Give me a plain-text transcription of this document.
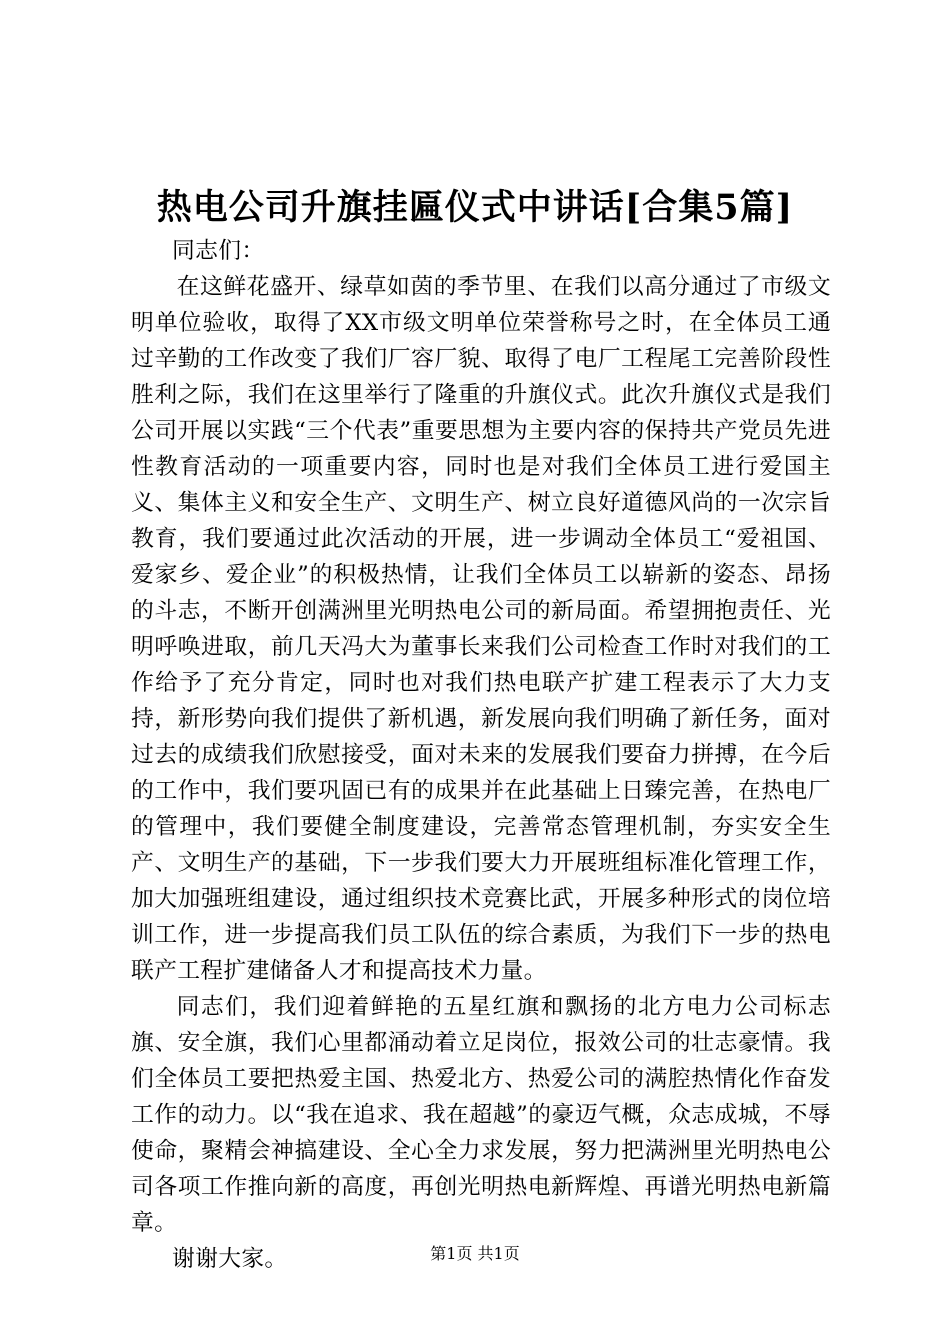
热电公司升旗挂匾仪式中讲话[合集5篇]

同志们：

在这鲜花盛开、绿草如茵的季节里、在我们以高分通过了市级文明单位验收，取得了XX市级文明单位荣誉称号之时，在全体员工通过辛勤的工作改变了我们厂容厂貌、取得了电厂工程尾工完善阶段性胜利之际，我们在这里举行了隆重的升旗仪式。此次升旗仪式是我们公司开展以实践“三个代表”重要思想为主要内容的保持共产党员先进性教育活动的一项重要内容，同时也是对我们全体员工进行爱国主义、集体主义和安全生产、文明生产、树立良好道德风尚的一次宗旨教育，我们要通过此次活动的开展，进一步调动全体员工“爱祖国、爱家乡、爱企业”的积极热情，让我们全体员工以崭新的姿态、昂扬的斗志，不断开创满洲里光明热电公司的新局面。希望拥抱责任、光明呼唤进取，前几天冯大为董事长来我们公司检查工作时对我们的工作给予了充分肯定，同时也对我们热电联产扩建工程表示了大力支持，新形势向我们提供了新机遇，新发展向我们明确了新任务，面对过去的成绩我们欣慰接受，面对未来的发展我们要奋力拼搏，在今后的工作中，我们要巩固已有的成果并在此基础上日臻完善，在热电厂的管理中，我们要健全制度建设，完善常态管理机制，夯实安全生产、文明生产的基础，下一步我们要大力开展班组标准化管理工作，加大加强班组建设，通过组织技术竞赛比武，开展多种形式的岗位培训工作，进一步提高我们员工队伍的综合素质，为我们下一步的热电联产工程扩建储备人才和提高技术力量。

同志们，我们迎着鲜艳的五星红旗和飘扬的北方电力公司标志旗、安全旗，我们心里都涌动着立足岗位，报效公司的壮志豪情。我们全体员工要把热爱主国、热爱北方、热爱公司的满腔热情化作奋发工作的动力。以“我在追求、我在超越”的豪迈气概，众志成城，不辱使命，聚精会神搞建设、全心全力求发展，努力把满洲里光明热电公司各项工作推向新的高度，再创光明热电新辉煌、再谱光明热电新篇章。

谢谢大家。	第1页 共1页
